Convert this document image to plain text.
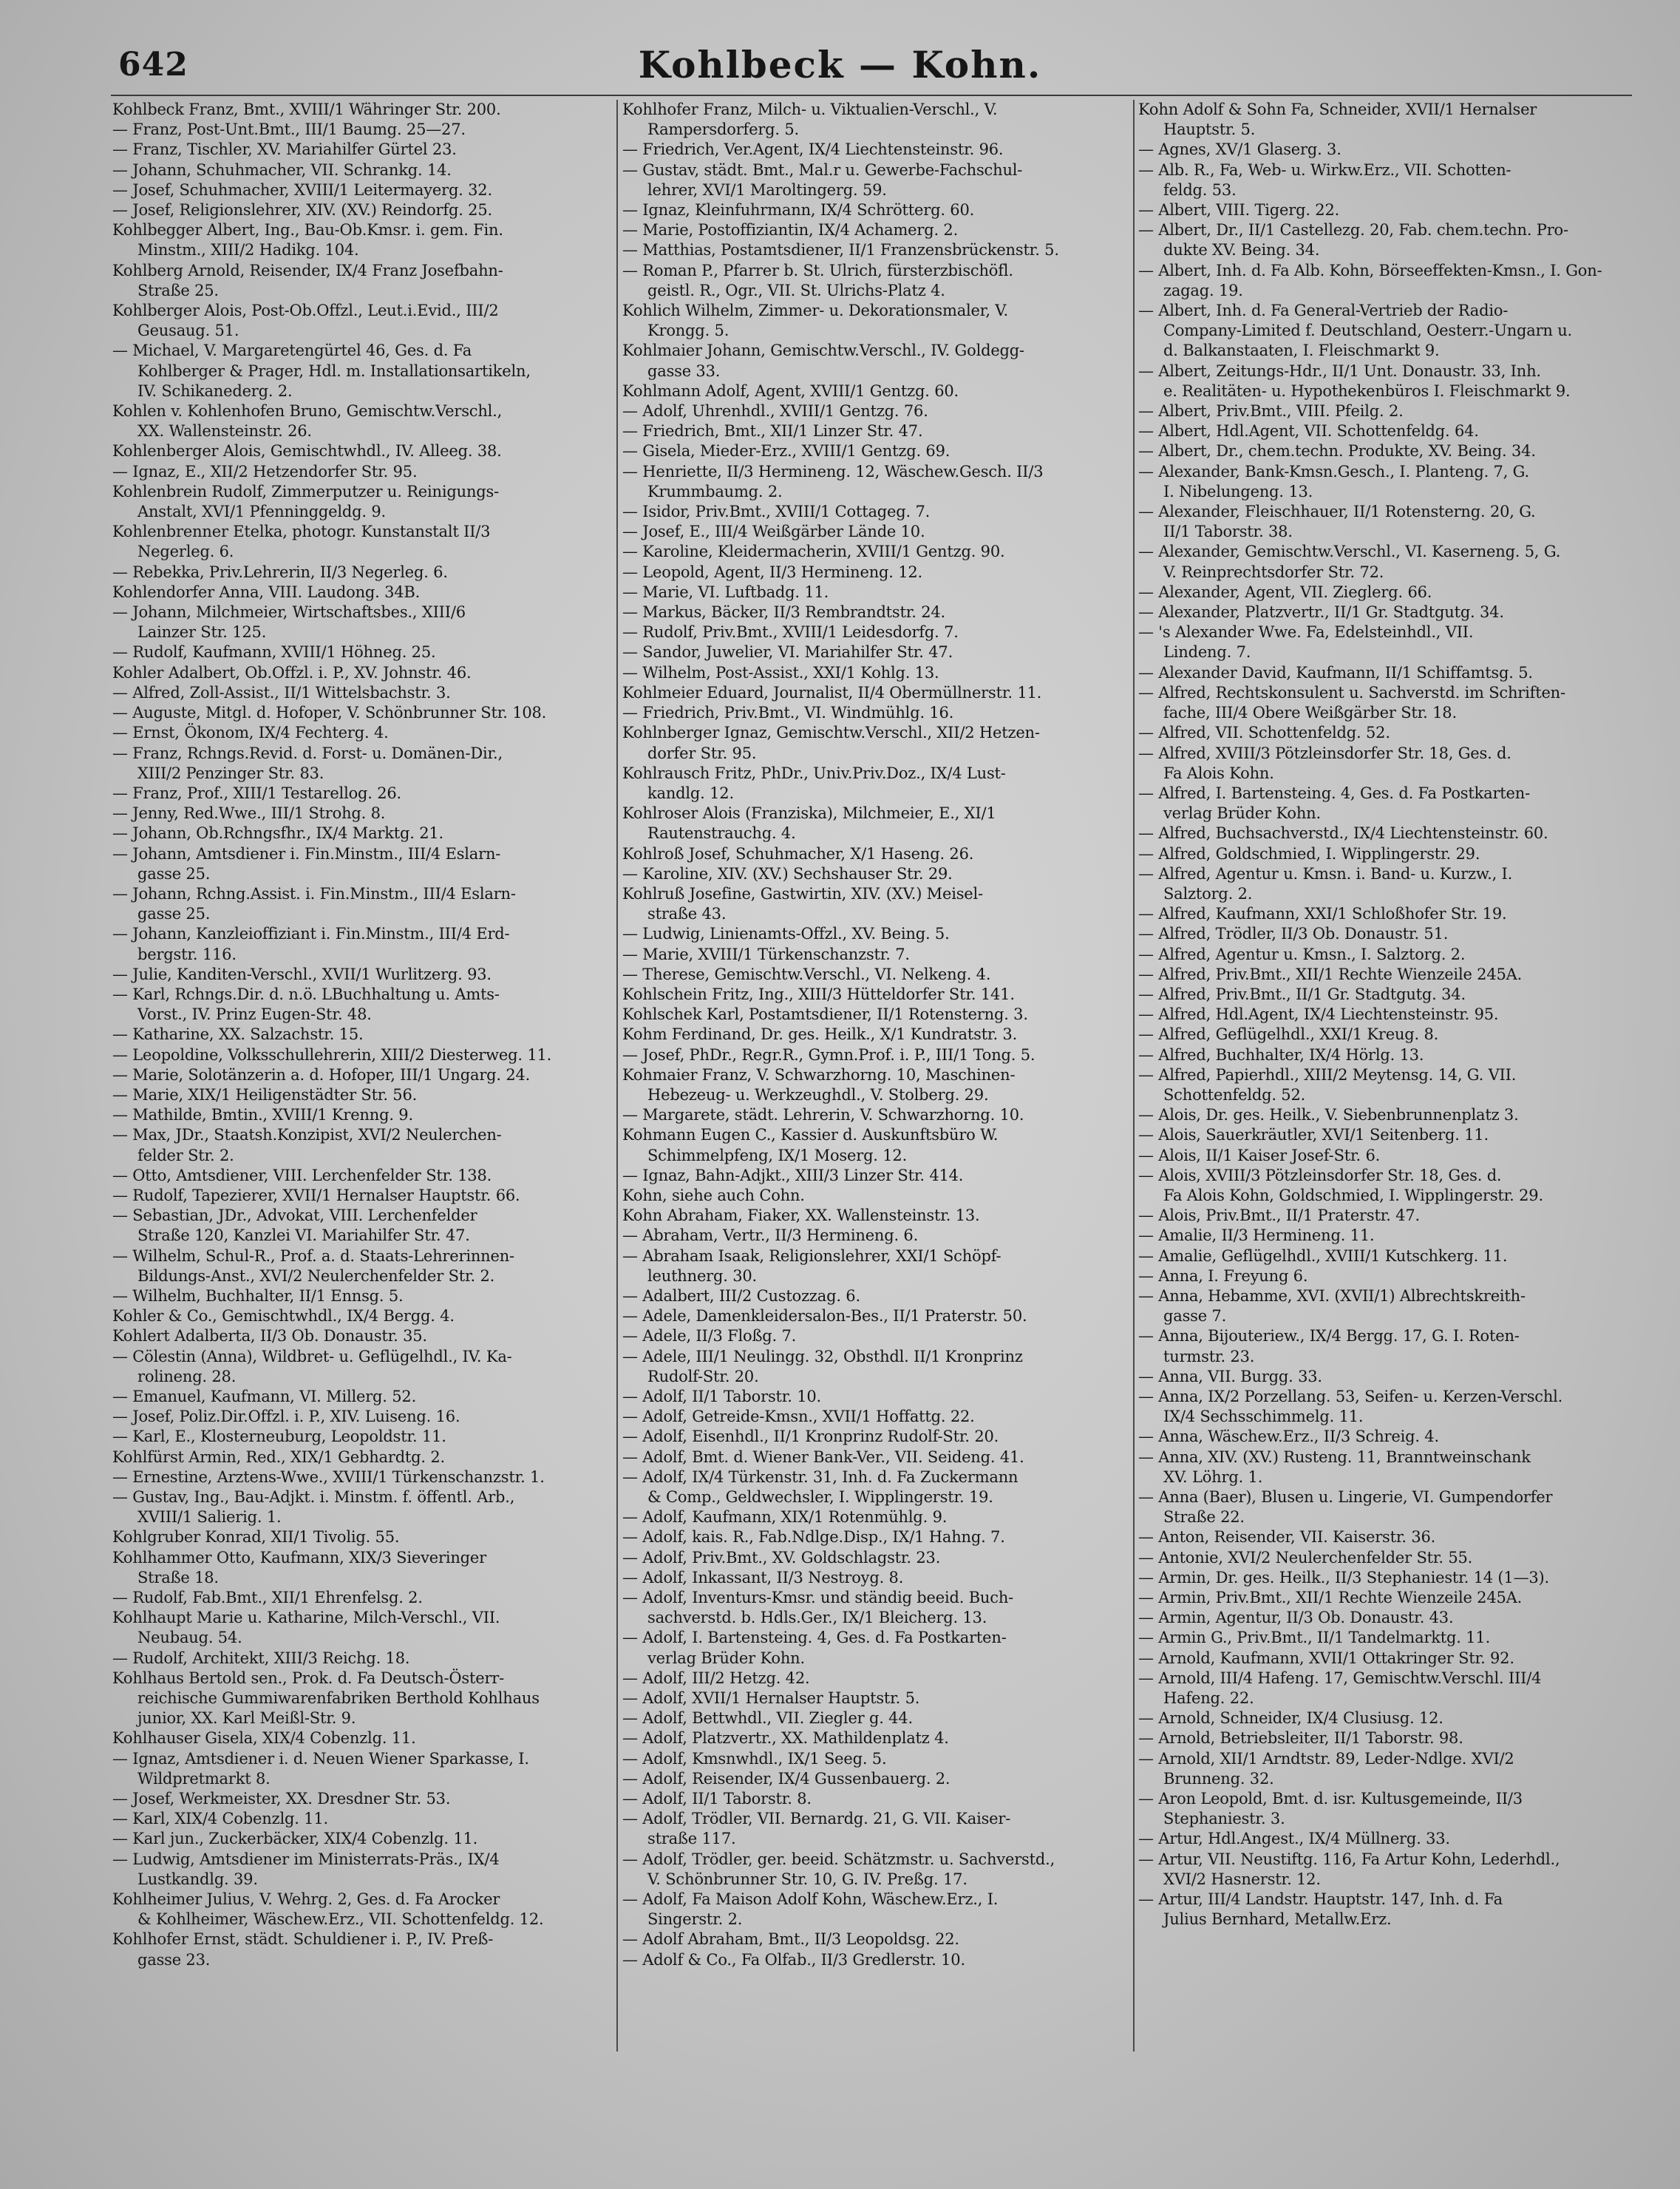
642	Kohlbeck — Kohn.
Kohlbeck Franz, Bmt., XVIII/1 Währinger Str. 200.
— Franz, Post-Unt.Bmt., III/1 Baumg. 25—27.
— Franz, Tischler, XV. Mariahilfer Gürtel 23.
— Johann, Schuhmacher, VII. Schrankg. 14.
— Josef, Schuhmacher, XVIII/1 Leitermayerg. 32.
— Josef, Religionslehrer, XIV. (XV.) Reindorfg. 25.
Kohlbegger Albert, Ing., Bau-Ob.Kmsr. i. gem. Fin.
Minstm., XIII/2 Hadikg. 104.
Kohlberg Arnold, Reisender, IX/4 Franz Josefbahn-
Straße 25.
Kohlberger Alois, Post-Ob.Offzl., Leut.i.Evid., III/2
Geusaug. 51.
— Michael, V. Margaretengürtel 46, Ges. d. Fa
Kohlberger & Prager, Hdl. m. Installationsartikeln,
IV. Schikanederg. 2.
Kohlen v. Kohlenhofen Bruno, Gemischtw.Verschl.,
XX. Wallensteinstr. 26.
Kohlenberger Alois, Gemischtwhdl., IV. Alleeg. 38.
— Ignaz, E., XII/2 Hetzendorfer Str. 95.
Kohlenbrein Rudolf, Zimmerputzer u. Reinigungs-
Anstalt, XVI/1 Pfenninggeldg. 9.
Kohlenbrenner Etelka, photogr. Kunstanstalt II/3
Negerleg. 6.
— Rebekka, Priv.Lehrerin, II/3 Negerleg. 6.
Kohlendorfer Anna, VIII. Laudong. 34B.
— Johann, Milchmeier, Wirtschaftsbes., XIII/6
Lainzer Str. 125.
— Rudolf, Kaufmann, XVIII/1 Höhneg. 25.
Kohler Adalbert, Ob.Offzl. i. P., XV. Johnstr. 46.
— Alfred, Zoll-Assist., II/1 Wittelsbachstr. 3.
— Auguste, Mitgl. d. Hofoper, V. Schönbrunner Str. 108.
— Ernst, Ökonom, IX/4 Fechterg. 4.
— Franz, Rchngs.Revid. d. Forst- u. Domänen-Dir.,
XIII/2 Penzinger Str. 83.
— Franz, Prof., XIII/1 Testarellog. 26.
— Jenny, Red.Wwe., III/1 Strohg. 8.
— Johann, Ob.Rchngsfhr., IX/4 Marktg. 21.
— Johann, Amtsdiener i. Fin.Minstm., III/4 Eslarn-
gasse 25.
— Johann, Rchng.Assist. i. Fin.Minstm., III/4 Eslarn-
gasse 25.
— Johann, Kanzleioffiziant i. Fin.Minstm., III/4 Erd-
bergstr. 116.
— Julie, Kanditen-Verschl., XVII/1 Wurlitzerg. 93.
— Karl, Rchngs.Dir. d. n.ö. LBuchhaltung u. Amts-
Vorst., IV. Prinz Eugen-Str. 48.
— Katharine, XX. Salzachstr. 15.
— Leopoldine, Volksschullehrerin, XIII/2 Diesterweg. 11.
— Marie, Solotänzerin a. d. Hofoper, III/1 Ungarg. 24.
— Marie, XIX/1 Heiligenstädter Str. 56.
— Mathilde, Bmtin., XVIII/1 Krenng. 9.
— Max, JDr., Staatsh.Konzipist, XVI/2 Neulerchen-
felder Str. 2.
— Otto, Amtsdiener, VIII. Lerchenfelder Str. 138.
— Rudolf, Tapezierer, XVII/1 Hernalser Hauptstr. 66.
— Sebastian, JDr., Advokat, VIII. Lerchenfelder
Straße 120, Kanzlei VI. Mariahilfer Str. 47.
— Wilhelm, Schul-R., Prof. a. d. Staats-Lehrerinnen-
Bildungs-Anst., XVI/2 Neulerchenfelder Str. 2.
— Wilhelm, Buchhalter, II/1 Ennsg. 5.
Kohler & Co., Gemischtwhdl., IX/4 Bergg. 4.
Kohlert Adalberta, II/3 Ob. Donaustr. 35.
— Cölestin (Anna), Wildbret- u. Geflügelhdl., IV. Ka-
rolineng. 28.
— Emanuel, Kaufmann, VI. Millerg. 52.
— Josef, Poliz.Dir.Offzl. i. P., XIV. Luiseng. 16.
— Karl, E., Klosterneuburg, Leopoldstr. 11.
Kohlfürst Armin, Red., XIX/1 Gebhardtg. 2.
— Ernestine, Arztens-Wwe., XVIII/1 Türkenschanzstr. 1.
— Gustav, Ing., Bau-Adjkt. i. Minstm. f. öffentl. Arb.,
XVIII/1 Salierig. 1.
Kohlgruber Konrad, XII/1 Tivolig. 55.
Kohlhammer Otto, Kaufmann, XIX/3 Sieveringer
Straße 18.
— Rudolf, Fab.Bmt., XII/1 Ehrenfelsg. 2.
Kohlhaupt Marie u. Katharine, Milch-Verschl., VII.
Neubaug. 54.
— Rudolf, Architekt, XIII/3 Reichg. 18.
Kohlhaus Bertold sen., Prok. d. Fa Deutsch-Österr-
reichische Gummiwarenfabriken Berthold Kohlhaus
junior, XX. Karl Meißl-Str. 9.
Kohlhauser Gisela, XIX/4 Cobenzlg. 11.
— Ignaz, Amtsdiener i. d. Neuen Wiener Sparkasse, I.
Wildpretmarkt 8.
— Josef, Werkmeister, XX. Dresdner Str. 53.
— Karl, XIX/4 Cobenzlg. 11.
— Karl jun., Zuckerbäcker, XIX/4 Cobenzlg. 11.
— Ludwig, Amtsdiener im Ministerrats-Präs., IX/4
Lustkandlg. 39.
Kohlheimer Julius, V. Wehrg. 2, Ges. d. Fa Arocker
& Kohlheimer, Wäschew.Erz., VII. Schottenfeldg. 12.
Kohlhofer Ernst, städt. Schuldiener i. P., IV. Preß-
gasse 23.
Kohlhofer Franz, Milch- u. Viktualien-Verschl., V.
Rampersdorferg. 5.
— Friedrich, Ver.Agent, IX/4 Liechtensteinstr. 96.
— Gustav, städt. Bmt., Mal.r u. Gewerbe-Fachschul-
lehrer, XVI/1 Maroltingerg. 59.
— Ignaz, Kleinfuhrmann, IX/4 Schrötterg. 60.
— Marie, Postoffiziantin, IX/4 Achamerg. 2.
— Matthias, Postamtsdiener, II/1 Franzensbrückenstr. 5.
— Roman P., Pfarrer b. St. Ulrich, fürsterzbischöfl.
geistl. R., Ogr., VII. St. Ulrichs-Platz 4.
Kohlich Wilhelm, Zimmer- u. Dekorationsmaler, V.
Krongg. 5.
Kohlmaier Johann, Gemischtw.Verschl., IV. Goldegg-
gasse 33.
Kohlmann Adolf, Agent, XVIII/1 Gentzg. 60.
— Adolf, Uhrenhdl., XVIII/1 Gentzg. 76.
— Friedrich, Bmt., XII/1 Linzer Str. 47.
— Gisela, Mieder-Erz., XVIII/1 Gentzg. 69.
— Henriette, II/3 Hermineng. 12, Wäschew.Gesch. II/3
Krummbaumg. 2.
— Isidor, Priv.Bmt., XVIII/1 Cottageg. 7.
— Josef, E., III/4 Weißgärber Lände 10.
— Karoline, Kleidermacherin, XVIII/1 Gentzg. 90.
— Leopold, Agent, II/3 Hermineng. 12.
— Marie, VI. Luftbadg. 11.
— Markus, Bäcker, II/3 Rembrandtstr. 24.
— Rudolf, Priv.Bmt., XVIII/1 Leidesdorfg. 7.
— Sandor, Juwelier, VI. Mariahilfer Str. 47.
— Wilhelm, Post-Assist., XXI/1 Kohlg. 13.
Kohlmeier Eduard, Journalist, II/4 Obermüllnerstr. 11.
— Friedrich, Priv.Bmt., VI. Windmühlg. 16.
Kohlnberger Ignaz, Gemischtw.Verschl., XII/2 Hetzen-
dorfer Str. 95.
Kohlrausch Fritz, PhDr., Univ.Priv.Doz., IX/4 Lust-
kandlg. 12.
Kohlroser Alois (Franziska), Milchmeier, E., XI/1
Rautenstrauchg. 4.
Kohlroß Josef, Schuhmacher, X/1 Haseng. 26.
— Karoline, XIV. (XV.) Sechshauser Str. 29.
Kohlruß Josefine, Gastwirtin, XIV. (XV.) Meisel-
straße 43.
— Ludwig, Linienamts-Offzl., XV. Being. 5.
— Marie, XVIII/1 Türkenschanzstr. 7.
— Therese, Gemischtw.Verschl., VI. Nelkeng. 4.
Kohlschein Fritz, Ing., XIII/3 Hütteldorfer Str. 141.
Kohlschek Karl, Postamtsdiener, II/1 Rotensterng. 3.
Kohm Ferdinand, Dr. ges. Heilk., X/1 Kundratstr. 3.
— Josef, PhDr., Regr.R., Gymn.Prof. i. P., III/1 Tong. 5.
Kohmaier Franz, V. Schwarzhorng. 10, Maschinen-
Hebezeug- u. Werkzeughdl., V. Stolberg. 29.
— Margarete, städt. Lehrerin, V. Schwarzhorng. 10.
Kohmann Eugen C., Kassier d. Auskunftsbüro W.
Schimmelpfeng, IX/1 Moserg. 12.
— Ignaz, Bahn-Adjkt., XIII/3 Linzer Str. 414.
Kohn, siehe auch Cohn.
Kohn Abraham, Fiaker, XX. Wallensteinstr. 13.
— Abraham, Vertr., II/3 Hermineng. 6.
— Abraham Isaak, Religionslehrer, XXI/1 Schöpf-
leuthnerg. 30.
— Adalbert, III/2 Custozzag. 6.
— Adele, Damenkleidersalon-Bes., II/1 Praterstr. 50.
— Adele, II/3 Floßg. 7.
— Adele, III/1 Neulingg. 32, Obsthdl. II/1 Kronprinz
Rudolf-Str. 20.
— Adolf, II/1 Taborstr. 10.
— Adolf, Getreide-Kmsn., XVII/1 Hoffattg. 22.
— Adolf, Eisenhdl., II/1 Kronprinz Rudolf-Str. 20.
— Adolf, Bmt. d. Wiener Bank-Ver., VII. Seideng. 41.
— Adolf, IX/4 Türkenstr. 31, Inh. d. Fa Zuckermann
& Comp., Geldwechsler, I. Wipplingerstr. 19.
— Adolf, Kaufmann, XIX/1 Rotenmühlg. 9.
— Adolf, kais. R., Fab.Ndlge.Disp., IX/1 Hahng. 7.
— Adolf, Priv.Bmt., XV. Goldschlagstr. 23.
— Adolf, Inkassant, II/3 Nestroyg. 8.
— Adolf, Inventurs-Kmsr. und ständig beeid. Buch-
sachverstd. b. Hdls.Ger., IX/1 Bleicherg. 13.
— Adolf, I. Bartensteing. 4, Ges. d. Fa Postkarten-
verlag Brüder Kohn.
— Adolf, III/2 Hetzg. 42.
— Adolf, XVII/1 Hernalser Hauptstr. 5.
— Adolf, Bettwhdl., VII. Ziegler g. 44.
— Adolf, Platzvertr., XX. Mathildenplatz 4.
— Adolf, Kmsnwhdl., IX/1 Seeg. 5.
— Adolf, Reisender, IX/4 Gussenbauerg. 2.
— Adolf, II/1 Taborstr. 8.
— Adolf, Trödler, VII. Bernardg. 21, G. VII. Kaiser-
straße 117.
— Adolf, Trödler, ger. beeid. Schätzmstr. u. Sachverstd.,
V. Schönbrunner Str. 10, G. IV. Preßg. 17.
— Adolf, Fa Maison Adolf Kohn, Wäschew.Erz., I.
Singerstr. 2.
— Adolf Abraham, Bmt., II/3 Leopoldsg. 22.
— Adolf & Co., Fa Olfab., II/3 Gredlerstr. 10.
Kohn Adolf & Sohn Fa, Schneider, XVII/1 Hernalser
Hauptstr. 5.
— Agnes, XV/1 Glaserg. 3.
— Alb. R., Fa, Web- u. Wirkw.Erz., VII. Schotten-
feldg. 53.
— Albert, VIII. Tigerg. 22.
— Albert, Dr., II/1 Castellezg. 20, Fab. chem.techn. Pro-
dukte XV. Being. 34.
— Albert, Inh. d. Fa Alb. Kohn, Börseeffekten-Kmsn., I. Gon-
zagag. 19.
— Albert, Inh. d. Fa General-Vertrieb der Radio-
Company-Limited f. Deutschland, Oesterr.-Ungarn u.
d. Balkanstaaten, I. Fleischmarkt 9.
— Albert, Zeitungs-Hdr., II/1 Unt. Donaustr. 33, Inh.
e. Realitäten- u. Hypothekenbüros I. Fleischmarkt 9.
— Albert, Priv.Bmt., VIII. Pfeilg. 2.
— Albert, Hdl.Agent, VII. Schottenfeldg. 64.
— Albert, Dr., chem.techn. Produkte, XV. Being. 34.
— Alexander, Bank-Kmsn.Gesch., I. Planteng. 7, G.
I. Nibelungeng. 13.
— Alexander, Fleischhauer, II/1 Rotensterng. 20, G.
II/1 Taborstr. 38.
— Alexander, Gemischtw.Verschl., VI. Kaserneng. 5, G.
V. Reinprechtsdorfer Str. 72.
— Alexander, Agent, VII. Zieglerg. 66.
— Alexander, Platzvertr., II/1 Gr. Stadtgutg. 34.
— 's Alexander Wwe. Fa, Edelsteinhdl., VII.
Lindeng. 7.
— Alexander David, Kaufmann, II/1 Schiffamtsg. 5.
— Alfred, Rechtskonsulent u. Sachverstd. im Schriften-
fache, III/4 Obere Weißgärber Str. 18.
— Alfred, VII. Schottenfeldg. 52.
— Alfred, XVIII/3 Pötzleinsdorfer Str. 18, Ges. d.
Fa Alois Kohn.
— Alfred, I. Bartensteing. 4, Ges. d. Fa Postkarten-
verlag Brüder Kohn.
— Alfred, Buchsachverstd., IX/4 Liechtensteinstr. 60.
— Alfred, Goldschmied, I. Wipplingerstr. 29.
— Alfred, Agentur u. Kmsn. i. Band- u. Kurzw., I.
Salztorg. 2.
— Alfred, Kaufmann, XXI/1 Schloßhofer Str. 19.
— Alfred, Trödler, II/3 Ob. Donaustr. 51.
— Alfred, Agentur u. Kmsn., I. Salztorg. 2.
— Alfred, Priv.Bmt., XII/1 Rechte Wienzeile 245A.
— Alfred, Priv.Bmt., II/1 Gr. Stadtgutg. 34.
— Alfred, Hdl.Agent, IX/4 Liechtensteinstr. 95.
— Alfred, Geflügelhdl., XXI/1 Kreug. 8.
— Alfred, Buchhalter, IX/4 Hörlg. 13.
— Alfred, Papierhdl., XIII/2 Meytensg. 14, G. VII.
Schottenfeldg. 52.
— Alois, Dr. ges. Heilk., V. Siebenbrunnenplatz 3.
— Alois, Sauerkräutler, XVI/1 Seitenberg. 11.
— Alois, II/1 Kaiser Josef-Str. 6.
— Alois, XVIII/3 Pötzleinsdorfer Str. 18, Ges. d.
Fa Alois Kohn, Goldschmied, I. Wipplingerstr. 29.
— Alois, Priv.Bmt., II/1 Praterstr. 47.
— Amalie, II/3 Hermineng. 11.
— Amalie, Geflügelhdl., XVIII/1 Kutschkerg. 11.
— Anna, I. Freyung 6.
— Anna, Hebamme, XVI. (XVII/1) Albrechtskreith-
gasse 7.
— Anna, Bijouteriew., IX/4 Bergg. 17, G. I. Roten-
turmstr. 23.
— Anna, VII. Burgg. 33.
— Anna, IX/2 Porzellang. 53, Seifen- u. Kerzen-Verschl.
IX/4 Sechsschimmelg. 11.
— Anna, Wäschew.Erz., II/3 Schreig. 4.
— Anna, XIV. (XV.) Rusteng. 11, Branntweinschank
XV. Löhrg. 1.
— Anna (Baer), Blusen u. Lingerie, VI. Gumpendorfer
Straße 22.
— Anton, Reisender, VII. Kaiserstr. 36.
— Antonie, XVI/2 Neulerchenfelder Str. 55.
— Armin, Dr. ges. Heilk., II/3 Stephaniestr. 14 (1—3).
— Armin, Priv.Bmt., XII/1 Rechte Wienzeile 245A.
— Armin, Agentur, II/3 Ob. Donaustr. 43.
— Armin G., Priv.Bmt., II/1 Tandelmarktg. 11.
— Arnold, Kaufmann, XVII/1 Ottakringer Str. 92.
— Arnold, III/4 Hafeng. 17, Gemischtw.Verschl. III/4
Hafeng. 22.
— Arnold, Schneider, IX/4 Clusiusg. 12.
— Arnold, Betriebsleiter, II/1 Taborstr. 98.
— Arnold, XII/1 Arndtstr. 89, Leder-Ndlge. XVI/2
Brunneng. 32.
— Aron Leopold, Bmt. d. isr. Kultusgemeinde, II/3
Stephaniestr. 3.
— Artur, Hdl.Angest., IX/4 Müllnerg. 33.
— Artur, VII. Neustiftg. 116, Fa Artur Kohn, Lederhdl.,
XVI/2 Hasnerstr. 12.
— Artur, III/4 Landstr. Hauptstr. 147, Inh. d. Fa
Julius Bernhard, Metallw.Erz.
